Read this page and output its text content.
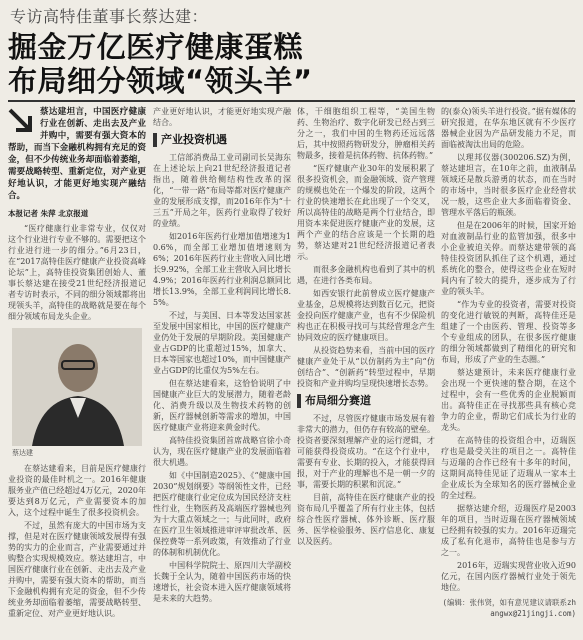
专访高特佳董事长蔡达建：
掘金万亿医疗健康蛋糕
布局细分领域“领头羊”
蔡达建坦言，中国医疗健康行业在创新、走出去及产业并购中，需要有强大资本的帮助，而当下金融机构拥有充足的资金，但不少传统业务却面临着萎缩，需要战略转型、重新定位，对产业更好地认识，才能更好地实现产融结合。
本报记者 朱萍 北京报道

“医疗健康行业非常专业，仅仅对这个行业进行专业不够的。需要把这个行业进行进一步的细分。”6月23日，在“2017高特佳医疗健康产业投资高峰论坛”上，高特佳投资集团创始人、董事长蔡达建在接受21世纪经济报道记者专访时表示，不同的细分领域都将出现领头羊，高特佳的战略就是要在每个细分领域布局龙头企业。

蔡达建

在蔡达建看来，目前是医疗健康行业投资的最佳时机之一。2016年健康服务业产值已经超过4万亿元，2020年要达到8万亿元，产业需要资本的加入，这个过程中诞生了很多投资机会。

不过，虽然有庞大的中国市场为支撑，但是对在医疗健康领域发展得有强势的实力的企业而言，产业需要通过并购整合实现规模效应。蔡达建坦言，中国医疗健康行业在创新、走出去及产业并购中，需要有强大资本的帮助，而当下金融机构拥有充足的资金，但不少传统业务却面临着萎缩，需要战略转型、重新定位、对产业更好地认识。

产业更好地认识，才能更好地实现产融结合。

产业投资机遇

工信部消费品工业司副司长吴海东在上述论坛上向21世纪经济报道记者指出，随着供给侧结构性改革的深化，“一带一路”布局等都对医疗健康产业的发展形成支撑，而2016年作为“十三五”开局之年，医药行业取得了较好的业绩。

如2016年医药行业增加值增速为10.6%，而全部工业增加值增速则为6%；2016年医药行业主营收入同比增长9.92%，全部工业主营收入同比增长4.9%；2016年医药行业利润总额同比增长13.9%，全部工业利润同比增长8.5%。

不过，与美国、日本等发达国家甚至发展中国家相比，中国的医疗健康产业仍处于发展的早期阶段。美国健康产业占GDP的比重超过15%，加拿大、日本等国家也超过10%，而中国健康产业占GDP的比重仅为5%左右。

但在蔡达建看来，这恰恰说明了中国健康产业巨大的发展潜力，随着老龄化、消费升级以及生物技术药物的创新，医疗器械创新等需求的增加，中国医疗健康产业将迎来黄金时代。

高特佳投资集团首席战略官徐小奇认为，现在医疗健康产业的发展面临着很大机遇。

如《中国制造2025》、《“健康中国2030”规划纲要》等纲领性文件，已经把医疗健康行业定位成为国民经济支柱性行业，生物医药及高端医疗器械也列为十大重点领域之一；与此同时，政府在医疗卫生领域推进审评审批改革、医保控费等一系列政策，有效推动了行业的体制和机制优化。

中国科学院院士、原四川大学副校长魏于全认为，随着中国医药市场的快速增长，社会资本进入医疗健康领域将是未来的大趋势。

体，干细胞组织工程等，“美国生物药、生物治疗、数字化研发已经占到三分之一，我们中国的生物药还远远落后，其中按照药物研发分，肿瘤相关药物最多，接着是抗体药物、抗体药物。”

“医疗健康产业30年的发展积累了很多投资机会，而金融领域、资产管理的规模也处在一个爆发的阶段，这两个行业的快速增长在此出现了一个交叉，所以高特佳的战略是两个行业结合，即用资本来促进医疗健康产业的发展，这两个产业的结合应该是一个长期的趋势，蔡达建对21世纪经济报道记者表示。

而很多金融机构也看到了其中的机遇，在进行各类布局。

如西安银行此前曾成立医疗健康产业基金，总规模将达到数百亿元，把资金投向医疗健康产业，也有不少保险机构也正在积极寻找可与其经营理念产生协同效应的医疗健康项目。

从投资趋势来看，当前中国的医疗健康产业处于从“以仿制药为主”向“仿创结合”、“创新药”转型过程中，早期投资和产业并购均呈现快速增长态势。

布局细分赛道

不过，尽管医疗健康市场发展有着非常大的潜力，但仍存有较高的壁垒。投资者要深刻理解产业的运行逻辑，才可能获得投资成功。“在这个行业中，需要有专业、长期的投入，才能获得回报，对于产业的理解也不是一朝一夕的事，需要长期的积累和沉淀。”

目前，高特佳在医疗健康产业的投资布局几乎覆盖了所有行业主体，包括综合性医疗器械、体外诊断、医疗服务、医学检验服务、医疗信息化、康复以及医药。

的(泰众)领头羊进行投资。”据有媒体的研究报道，在华东地区就有不少医疗器械企业因为产品研发能力不足，而面临被淘汰出局的危险。

以理邦仪器(300206.SZ)为例，蔡达建坦言，在10年之前，血液制品领域还是散兵游勇的状态，而在当时的市场中，当时很多医疗企业经营状况一般，这些企业大多面临着资金、管理水平落后的瓶颈。

但是在2006年的时候，国家开始对血液制品行业的监管加强，很多中小企业被迫关停。而蔡达建带领的高特佳投资团队抓住了这个机遇，通过系统化的整合，使得这些企业在短时间内有了较大的提升，逐步成为了行业的领头羊。

“作为专业的投资者，需要对投资的变化进行敏锐的判断，高特佳还是组建了一个由医药、管理、投资等多个专业组成的团队，在很多医疗健康的细分领域都做到了精细化的研究和布局，形成了产业的生态圈。”

蔡达建预计，未来医疗健康行业会出现一个更快速的整合期，在这个过程中，会有一些优秀的企业脱颖而出。高特佳正在寻找那些具有核心竞争力的企业，帮助它们成长为行业的龙头。

在高特佳的投资组合中，迈瑞医疗也是最受关注的项目之一。高特佳与迈瑞的合作已经有十多年的时间，这期间高特佳见证了迈瑞从一家本土企业成长为全球知名的医疗器械企业的全过程。

据蔡达建介绍，迈瑞医疗是2003年的项目，当时迈瑞在医疗器械领域已经拥有较强的实力。2016年迈瑞完成了私有化退市，高特佳也是参与方之一。

2016年，迈瑞实现营业收入近90亿元，在国内医疗器械行业处于领先地位。

(编辑：张伟贤，如有意见建议请联系zhangwx@21jingji.com)
